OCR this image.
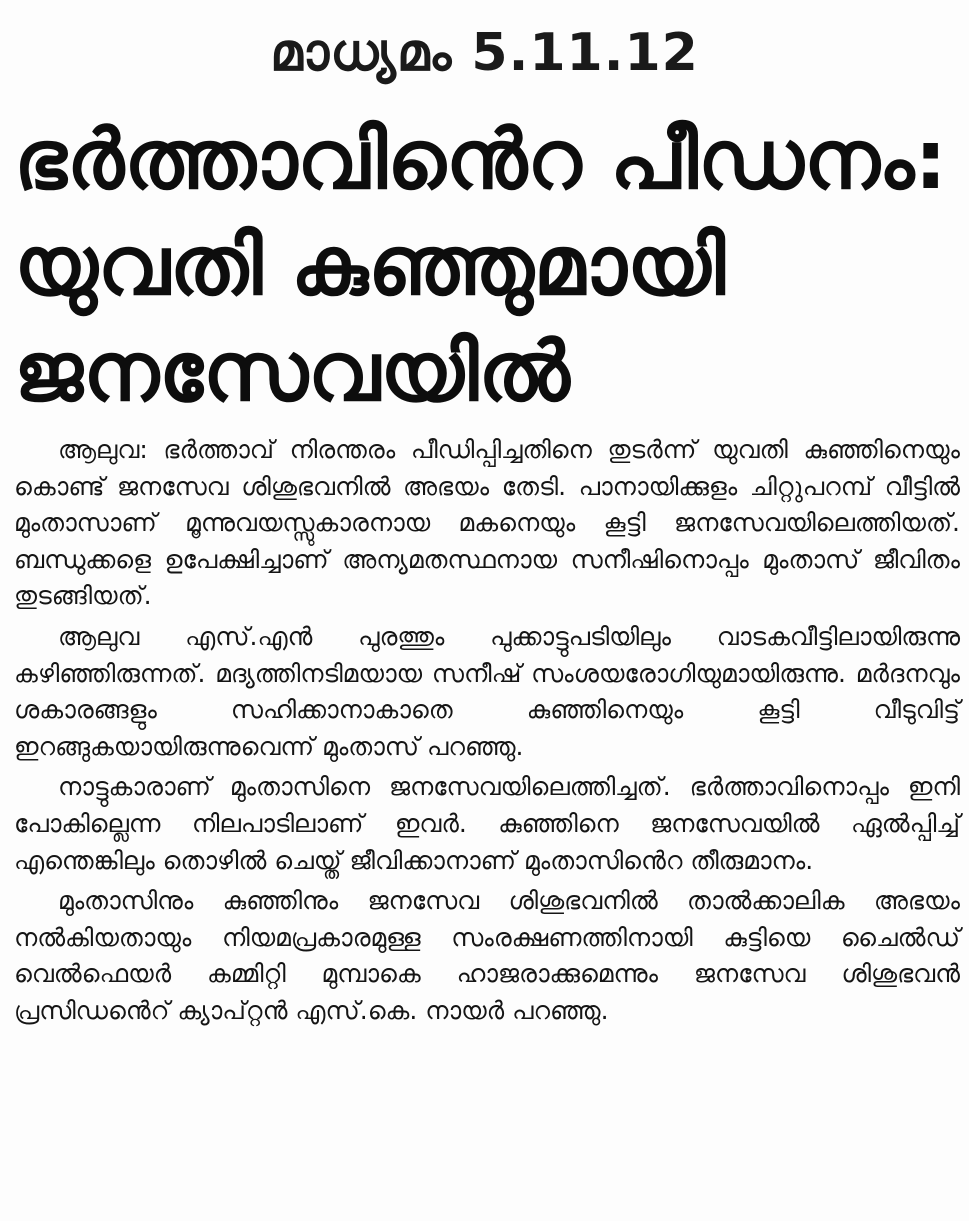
മാധ്യമം 5.11.12
ഭർത്താവിൻെറ പീഡനം:
യുവതി കുഞ്ഞുമായി
ജനസേവയിൽ

ആലുവ: ഭർത്താവ് നിരന്തരം പീഡിപ്പിച്ചതിനെ തുടർന്ന് യുവതി കുഞ്ഞിനെയും കൊണ്ട് ജനസേവ ശിശുഭവനിൽ അഭയം തേടി. പാനായിക്കുളം ചിറ്റുപറമ്പ് വീട്ടിൽ മുംതാസാണ് മൂന്നുവയസ്സുകാരനായ മകനെയും കൂട്ടി ജനസേവയിലെത്തിയത്. ബന്ധുക്കളെ ഉപേക്ഷിച്ചാണ് അന്യമതസ്ഥനായ സനീഷിനൊപ്പം മുംതാസ് ജീവിതം തുടങ്ങിയത്.

ആലുവ എസ്.എൻ പുരത്തും പുക്കാട്ടുപടിയിലും വാടകവീട്ടിലായിരുന്നു കഴിഞ്ഞിരുന്നത്. മദ്യത്തിനടിമയായ സനീഷ് സംശയരോഗിയുമായിരുന്നു. മർദനവും ശകാരങ്ങളും സഹിക്കാനാകാതെ കുഞ്ഞിനെയും കൂട്ടി വീടുവിട്ട് ഇറങ്ങുകയായിരുന്നുവെന്ന് മുംതാസ് പറഞ്ഞു.

നാട്ടുകാരാണ് മുംതാസിനെ ജനസേവയിലെത്തിച്ചത്. ഭർത്താവിനൊപ്പം ഇനി പോകില്ലെന്ന നിലപാടിലാണ് ഇവർ. കുഞ്ഞിനെ ജനസേവയിൽ ഏൽപ്പിച്ച് എന്തെങ്കിലും തൊഴിൽ ചെയ്ത് ജീവിക്കാനാണ് മുംതാസിൻെറ തീരുമാനം.

മുംതാസിനും കുഞ്ഞിനും ജനസേവ ശിശുഭവനിൽ താൽക്കാലിക അഭയം നൽകിയതായും നിയമപ്രകാരമുള്ള സംരക്ഷണത്തിനായി കുട്ടിയെ ചൈൽഡ് വെൽഫെയർ കമ്മിറ്റി മുമ്പാകെ ഹാജരാക്കുമെന്നും ജനസേവ ശിശുഭവൻ പ്രസിഡൻെറ് ക്യാപ്റ്റൻ എസ്.കെ. നായർ പറഞ്ഞു.
